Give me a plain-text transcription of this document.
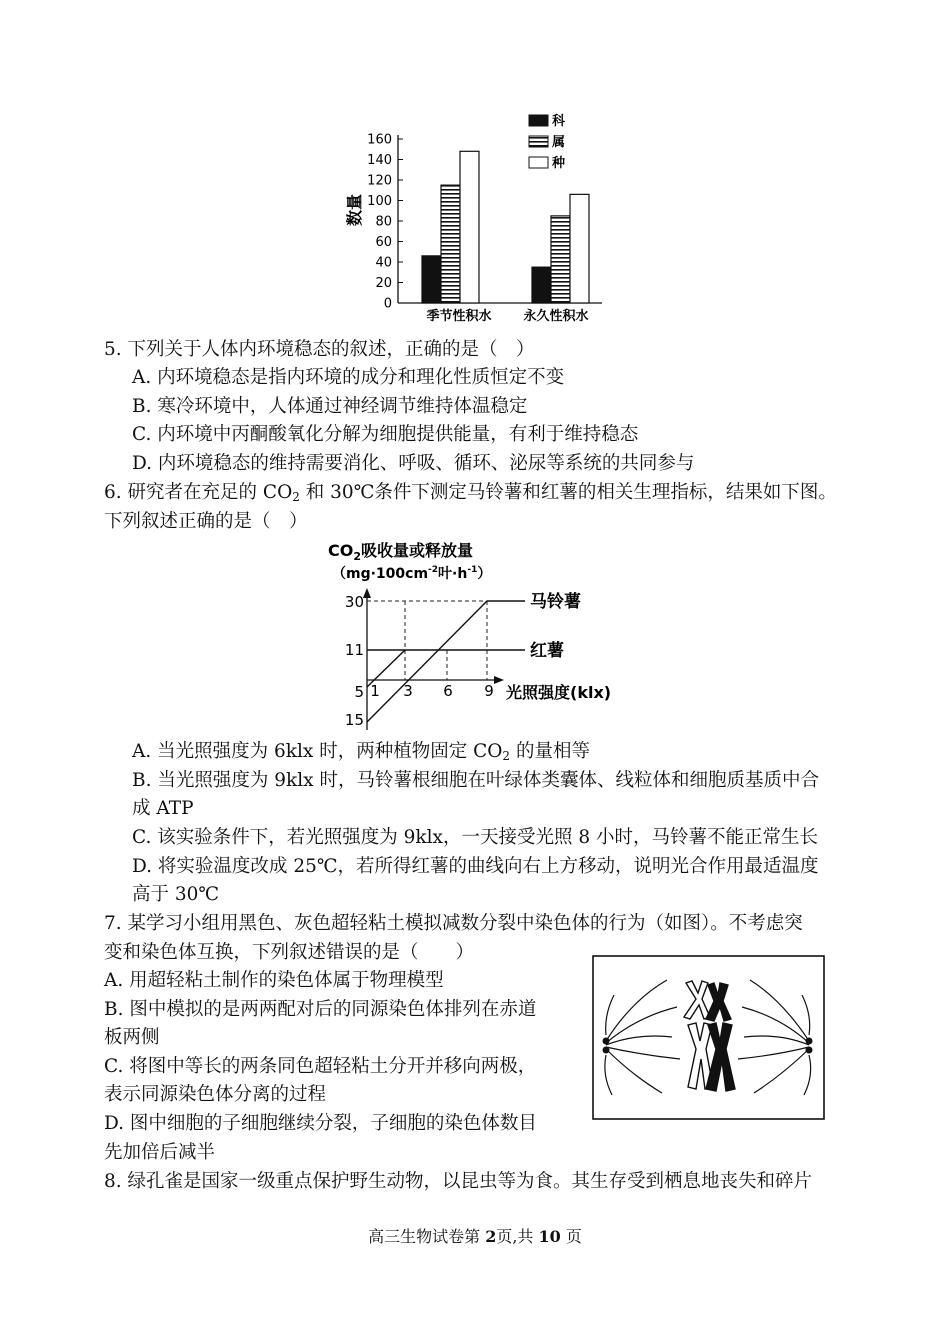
数量
0
20
40
60
80
100
120
140
160
季节性积水 永久性积水
科
属
种
5. 下列关于人体内环境稳态的叙述，正确的是（　）
A. 内环境稳态是指内环境的成分和理化性质恒定不变
B. 寒冷环境中，人体通过神经调节维持体温稳定
C. 内环境中丙酮酸氧化分解为细胞提供能量，有利于维持稳态
D. 内环境稳态的维持需要消化、呼吸、循环、泌尿等系统的共同参与
6. 研究者在充足的 $CO_2$ 和 30℃条件下测定马铃薯和红薯的相关生理指标，结果如下图。
下列叙述正确的是（　）
$CO_2$吸收量或释放量
（$mg\cdot 100cm^{-2}$叶$\cdot h^{-1}$）
30
11
5
15
1 3 6 9 光照强度(klx)
马铃薯
红薯
A. 当光照强度为 6klx 时，两种植物固定 $CO_2$ 的量相等
B. 当光照强度为 9klx 时，马铃薯根细胞在叶绿体类囊体、线粒体和细胞质基质中合
成 ATP
C. 该实验条件下，若光照强度为 9klx，一天接受光照 8 小时，马铃薯不能正常生长
D. 将实验温度改成 25℃，若所得红薯的曲线向右上方移动，说明光合作用最适温度
高于 30℃
7. 某学习小组用黑色、灰色超轻粘土模拟减数分裂中染色体的行为（如图）。不考虑突
变和染色体互换，下列叙述错误的是（　　）
A. 用超轻粘土制作的染色体属于物理模型
B. 图中模拟的是两两配对后的同源染色体排列在赤道
板两侧
C. 将图中等长的两条同色超轻粘土分开并移向两极，
表示同源染色体分离的过程
D. 图中细胞的子细胞继续分裂，子细胞的染色体数目
先加倍后减半
8. 绿孔雀是国家一级重点保护野生动物，以昆虫等为食。其生存受到栖息地丧失和碎片
高三生物试卷第 2页,共 10 页
